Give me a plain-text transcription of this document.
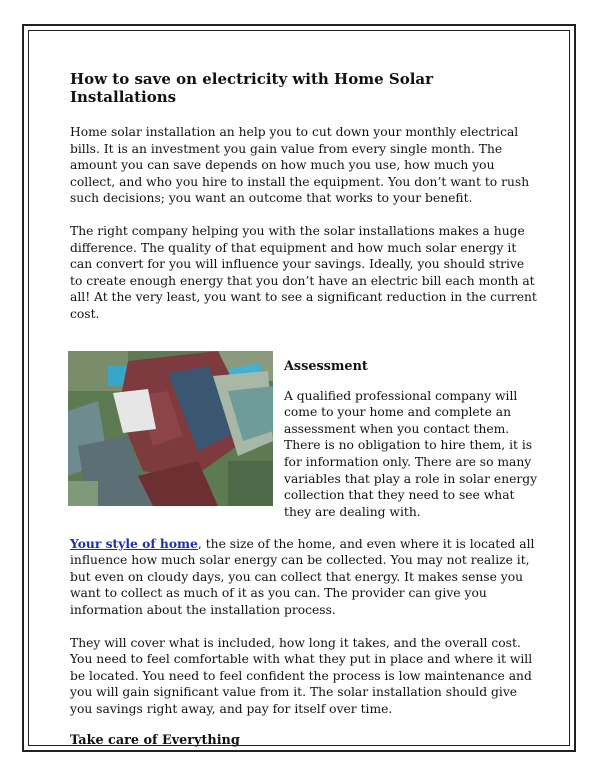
How to save on electricity with Home Solar Installations

Home solar installation an help you to cut down your monthly electrical bills. It is an investment you gain value from every single month. The amount you can save depends on how much you use, how much you collect, and who you hire to install the equipment. You don’t want to rush such decisions; you want an outcome that works to your benefit.

The right company helping you with the solar installations makes a huge difference. The quality of that equipment and how much solar energy it can convert for you will influence your savings. Ideally, you should strive to create enough energy that you don’t have an electric bill each month at all! At the very least, you want to see a significant reduction in the current cost.

Assessment

A qualified professional company will come to your home and complete an assessment when you contact them. There is no obligation to hire them, it is for information only. There are so many variables that play a role in solar energy collection that they need to see what they are dealing with.

Your style of home, the size of the home, and even where it is located all influence how much solar energy can be collected. You may not realize it, but even on cloudy days, you can collect that energy. It makes sense you want to collect as much of it as you can. The provider can give you information about the installation process.

They will cover what is included, how long it takes, and the overall cost. You need to feel comfortable with what they put in place and where it will be located. You need to feel confident the process is low maintenance and you will gain significant value from it. The solar installation should give you savings right away, and pay for itself over time.

Take care of Everything
